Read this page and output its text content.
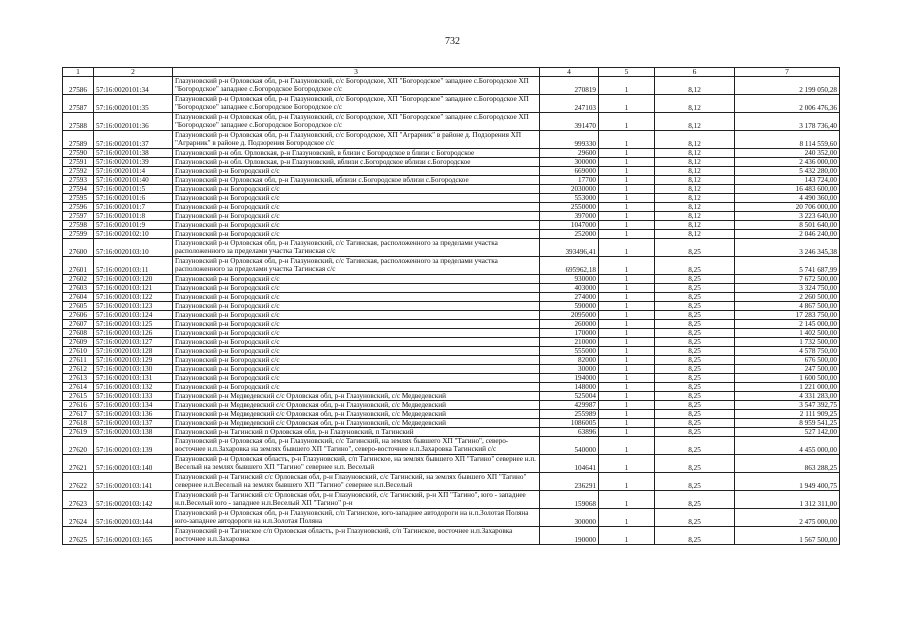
732
1	2	3	4	5	6	7
27586	57:16:0020101:34	Глазуновский р-н Орловская обл, р-н Глазуновский, с/с Богородское, ХП "Богородское" западнее с.Богородское ХП "Богородское" западнее с.Богородское Богородское с/с	270819	1	8,12	2 199 050,28
27587	57:16:0020101:35	Глазуновский р-н Орловская обл, р-н Глазуновский, с/с Богородское, ХП "Богородское" западнее с.Богородское ХП "Богородское" западнее с.Богородское Богородское с/с	247103	1	8,12	2 006 476,36
27588	57:16:0020101:36	Глазуновский р-н Орловская обл, р-н Глазуновский, с/с Богородское, ХП "Богородское" западнее с.Богородское ХП "Богородское" западнее с.Богородское Богородское с/с	391470	1	8,12	3 178 736,40
27589	57:16:0020101:37	Глазуновский р-н Орловская обл, р-н Глазуновский, с/с Богородское, ХП "Аграрник" в районе д. Подзорения ХП "Аграрник" в районе д. Подзорения Богородское с/с	999330	1	8,12	8 114 559,60
27590	57:16:0020101:38	Глазуновский р-н обл. Орловская, р-н Глазуновский, в близи с Богородское в близи с Богородское	29600	1	8,12	240 352,00
27591	57:16:0020101:39	Глазуновский р-н обл. Орловская, р-н Глазуновский, вблизи с.Богородское вблизи с.Богородское	300000	1	8,12	2 436 000,00
27592	57:16:0020101:4	Глазуновский р-н Богородский с/с	669000	1	8,12	5 432 280,00
27593	57:16:0020101:40	Глазуновский р-н Орловская обл, р-н Глазуновский, вблизи с.Богородское вблизи с.Богородское	17700	1	8,12	143 724,00
27594	57:16:0020101:5	Глазуновский р-н Богородский с/с	2030000	1	8,12	16 483 600,00
27595	57:16:0020101:6	Глазуновский р-н Богородский с/с	553000	1	8,12	4 490 360,00
27596	57:16:0020101:7	Глазуновский р-н Богородский с/с	2550000	1	8,12	20 706 000,00
27597	57:16:0020101:8	Глазуновский р-н Богородский с/с	397000	1	8,12	3 223 640,00
27598	57:16:0020101:9	Глазуновский р-н Богородский с/с	1047000	1	8,12	8 501 640,00
27599	57:16:0020102:10	Глазуновский р-н Богородский с/с	252000	1	8,12	2 046 240,00
27600	57:16:0020103:10	Глазуновский р-н Орловская обл, р-н Глазуновский, с/с Тагинская, расположенного за пределами участка расположенного за пределами участка Тагинская с/с	393496,41	1	8,25	3 246 345,38
27601	57:16:0020103:11	Глазуновский р-н Орловская обл, р-н Глазуновский, с/с Тагинская, расположенного за пределами участка расположенного за пределами участка Тагинская с/с	695962,18	1	8,25	5 741 687,99
27602	57:16:0020103:120	Глазуновский р-н Богородский с/с	930000	1	8,25	7 672 500,00
27603	57:16:0020103:121	Глазуновский р-н Богородский с/с	403000	1	8,25	3 324 750,00
27604	57:16:0020103:122	Глазуновский р-н Богородский с/с	274000	1	8,25	2 260 500,00
27605	57:16:0020103:123	Глазуновский р-н Богородский с/с	590000	1	8,25	4 867 500,00
27606	57:16:0020103:124	Глазуновский р-н Богородский с/с	2095000	1	8,25	17 283 750,00
27607	57:16:0020103:125	Глазуновский р-н Богородский с/с	260000	1	8,25	2 145 000,00
27608	57:16:0020103:126	Глазуновский р-н Богородский с/с	170000	1	8,25	1 402 500,00
27609	57:16:0020103:127	Глазуновский р-н Богородский с/с	210000	1	8,25	1 732 500,00
27610	57:16:0020103:128	Глазуновский р-н Богородский с/с	555000	1	8,25	4 578 750,00
27611	57:16:0020103:129	Глазуновский р-н Богородский с/с	82000	1	8,25	676 500,00
27612	57:16:0020103:130	Глазуновский р-н Богородский с/с	30000	1	8,25	247 500,00
27613	57:16:0020103:131	Глазуновский р-н Богородский с/с	194000	1	8,25	1 600 500,00
27614	57:16:0020103:132	Глазуновский р-н Богородский с/с	148000	1	8,25	1 221 000,00
27615	57:16:0020103:133	Глазуновский р-н Медведевский с/с Орловская обл, р-н Глазуновский, с/с Медведевский	525004	1	8,25	4 331 283,00
27616	57:16:0020103:134	Глазуновский р-н Медведевский с/с Орловская обл, р-н Глазуновский, с/с Медведевский	429987	1	8,25	3 547 392,75
27617	57:16:0020103:136	Глазуновский р-н Медведевский с/с Орловская обл, р-н Глазуновский, с/с Медведевский	255989	1	8,25	2 111 909,25
27618	57:16:0020103:137	Глазуновский р-н Медведевский с/с Орловская обл, р-н Глазуновский, с/с Медведевский	1086005	1	8,25	8 959 541,25
27619	57:16:0020103:138	Глазуновский р-н Тагинский п Орловская обл, р-н Глазуновский, п Тагинский	63896	1	8,25	527 142,00
27620	57:16:0020103:139	Глазуновский р-н Орловская обл, р-н Глазуновский, с/с Тагинский, на землях бывшего ХП "Тагино", северо-восточнее н.п.Захаровка на землях бывшего ХП "Тагино", северо-восточнее н.п.Захаровка Тагинский с/с	540000	1	8,25	4 455 000,00
27621	57:16:0020103:140	Глазуновский р-н Орловская область, р-н Глазуновский, с/п Тагинское, на землях бывшего ХП "Тагино" севернее н.п. Веселый на землях бывшего ХП "Тагино" севернее н.п. Веселый	104641	1	8,25	863 288,25
27622	57:16:0020103:141	Глазуновский р-н Тагинский с/с Орловская обл, р-н Глазуновский, с/с Тагинский, на землях бывшего ХП "Тагино" севернее н.п.Веселый на землях бывшего ХП "Тагино" севернее н.п.Веселый	236291	1	8,25	1 949 400,75
27623	57:16:0020103:142	Глазуновский р-н Тагинский с/с Орловская обл, р-н Глазуновский, с/с Тагинский, р-н ХП "Тагино", юго - западнее н.п.Веселый юго - западнее н.п.Веселый ХП "Тагино" р-н	159068	1	8,25	1 312 311,00
27624	57:16:0020103:144	Глазуновский р-н Орловская обл, р-н Глазуновский, с/п Тагинское, юго-западнее автодороги на н.п.Золотая Поляна юго-западнее автодороги на н.п.Золотая Поляна	300000	1	8,25	2 475 000,00
27625	57:16:0020103:165	Глазуновский р-н Тагинское с/п Орловская область, р-н Глазуновский, с/п Тагинское, восточнее н.п.Захаровка восточнее н.п.Захаровка	190000	1	8,25	1 567 500,00
